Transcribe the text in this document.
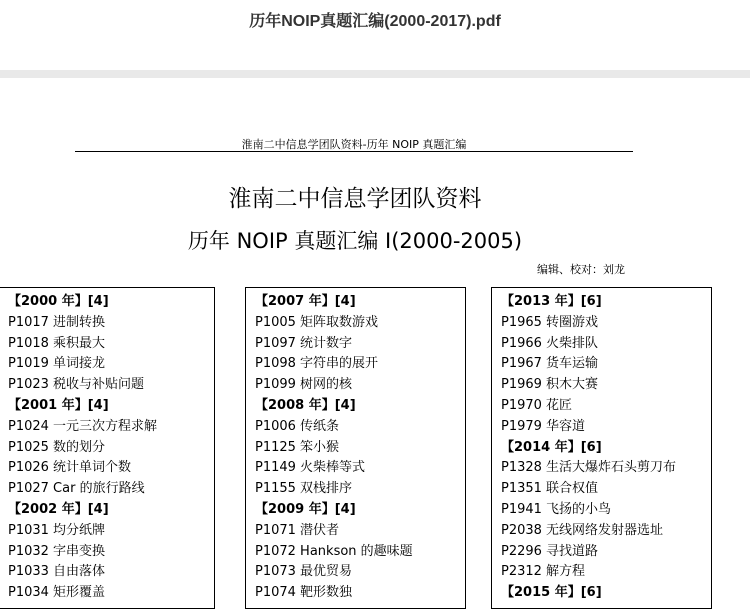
历年NOIP真题汇编(2000-2017).pdf
淮南二中信息学团队资料-历年 NOIP 真题汇编
淮南二中信息学团队资料
历年 NOIP 真题汇编 I(2000-2005)
编辑、校对：刘龙
【2000 年】[4]
P1017 进制转换
P1018 乘积最大
P1019 单词接龙
P1023 税收与补贴问题
【2001 年】[4]
P1024 一元三次方程求解
P1025 数的划分
P1026 统计单词个数
P1027 Car 的旅行路线
【2002 年】[4]
P1031 均分纸牌
P1032 字串变换
P1033 自由落体
P1034 矩形覆盖
【2007 年】[4]
P1005 矩阵取数游戏
P1097 统计数字
P1098 字符串的展开
P1099 树网的核
【2008 年】[4]
P1006 传纸条
P1125 笨小猴
P1149 火柴棒等式
P1155 双栈排序
【2009 年】[4]
P1071 潜伏者
P1072 Hankson 的趣味题
P1073 最优贸易
P1074 靶形数独
【2013 年】[6]
P1965 转圈游戏
P1966 火柴排队
P1967 货车运输
P1969 积木大赛
P1970 花匠
P1979 华容道
【2014 年】[6]
P1328 生活大爆炸石头剪刀布
P1351 联合权值
P1941 飞扬的小鸟
P2038 无线网络发射器选址
P2296 寻找道路
P2312 解方程
【2015 年】[6]
